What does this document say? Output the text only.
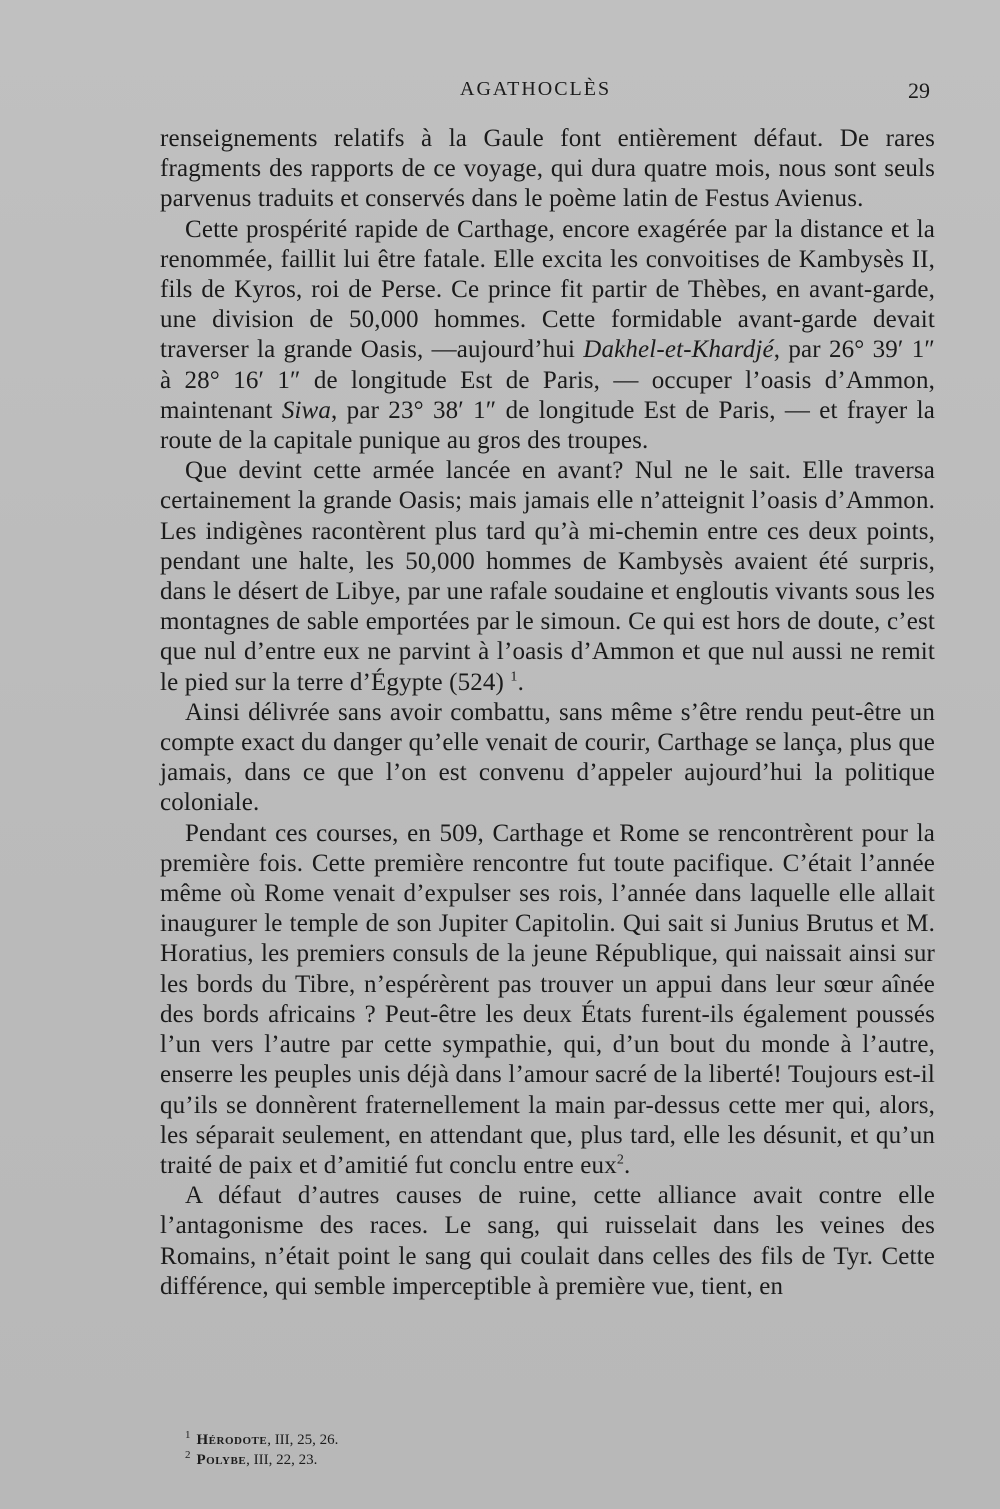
AGATHOCLÈS	29

renseignements relatifs à la Gaule font entièrement défaut. De rares fragments des rapports de ce voyage, qui dura quatre mois, nous sont seuls parvenus traduits et conservés dans le poème latin de Festus Avienus.

Cette prospérité rapide de Carthage, encore exagérée par la distance et la renommée, faillit lui être fatale. Elle excita les convoitises de Kambysès II, fils de Kyros, roi de Perse. Ce prince fit partir de Thèbes, en avant-garde, une division de 50,000 hommes. Cette formidable avant-garde devait traverser la grande Oasis, —aujourd’hui Dakhel-et-Khardjé, par 26° 39′ 1″ à 28° 16′ 1″ de longitude Est de Paris, — occuper l’oasis d’Ammon, maintenant Siwa, par 23° 38′ 1″ de longitude Est de Paris, — et frayer la route de la capitale punique au gros des troupes.

Que devint cette armée lancée en avant? Nul ne le sait. Elle traversa certainement la grande Oasis; mais jamais elle n’atteignit l’oasis d’Ammon. Les indigènes racontèrent plus tard qu’à mi-chemin entre ces deux points, pendant une halte, les 50,000 hommes de Kambysès avaient été surpris, dans le désert de Libye, par une rafale soudaine et engloutis vivants sous les montagnes de sable emportées par le simoun. Ce qui est hors de doute, c’est que nul d’entre eux ne parvint à l’oasis d’Ammon et que nul aussi ne remit le pied sur la terre d’Égypte (524) $^1$.

Ainsi délivrée sans avoir combattu, sans même s’être rendu peut-être un compte exact du danger qu’elle venait de courir, Carthage se lança, plus que jamais, dans ce que l’on est convenu d’appeler aujourd’hui la politique coloniale.

Pendant ces courses, en 509, Carthage et Rome se rencontrèrent pour la première fois. Cette première rencontre fut toute pacifique. C’était l’année même où Rome venait d’expulser ses rois, l’année dans laquelle elle allait inaugurer le temple de son Jupiter Capitolin. Qui sait si Junius Brutus et M. Horatius, les premiers consuls de la jeune République, qui naissait ainsi sur les bords du Tibre, n’espérèrent pas trouver un appui dans leur sœur aînée des bords africains ? Peut-être les deux États furent-ils également poussés l’un vers l’autre par cette sympathie, qui, d’un bout du monde à l’autre, enserre les peuples unis déjà dans l’amour sacré de la liberté! Toujours est-il qu’ils se donnèrent fraternellement la main par-dessus cette mer qui, alors, les séparait seulement, en attendant que, plus tard, elle les désunit, et qu’un traité de paix et d’amitié fut conclu entre eux$^2$.

A défaut d’autres causes de ruine, cette alliance avait contre elle l’antagonisme des races. Le sang, qui ruisselait dans les veines des Romains, n’était point le sang qui coulait dans celles des fils de Tyr. Cette différence, qui semble imperceptible à première vue, tient, en

$^1$ Hérodote, III, 25, 26.
$^2$ Polybe, III, 22, 23.
